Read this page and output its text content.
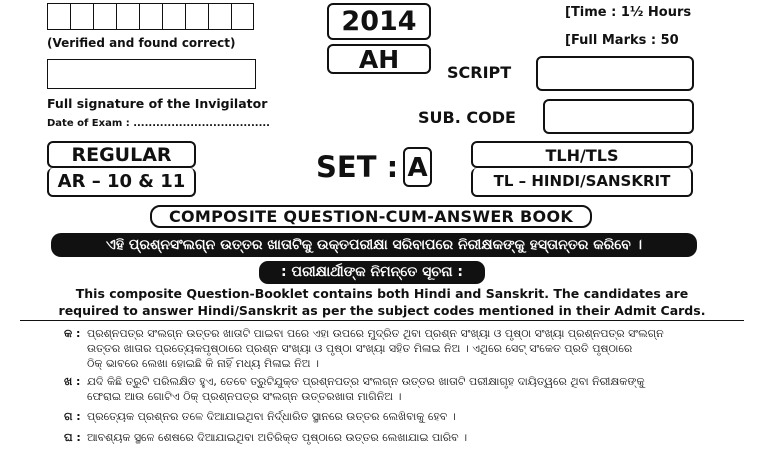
(Verified and found correct)
Full signature of the Invigilator
Date of Exam : ....................................
2014
AH
[Time : 1½ Hours
[Full Marks : 50
SCRIPT
SUB. CODE
REGULAR
AR – 10 & 11	SET : A	TLH/TLS
TL – HINDI/SANSKRIT
COMPOSITE QUESTION-CUM-ANSWER BOOK
ଏହି ପ୍ରଶ୍ନସଂଲଗ୍ନ ଉତ୍ତର ଖାତାଟିକୁ ଉକ୍ତପରୀକ୍ଷା ସରିବାପରେ ନିରୀକ୍ଷକଙ୍କୁ ହସ୍ତାନ୍ତର କରିବେ ।
: ପରୀକ୍ଷାର୍ଥୀଙ୍କ ନିମନ୍ତେ ସୂଚନା :
This composite Question-Booklet contains both Hindi and Sanskrit. The candidates are
required to answer Hindi/Sanskrit as per the subject codes mentioned in their Admit Cards.
କ : ପ୍ରଶ୍ନପତ୍ର ସଂଲଗ୍ନ ଉତ୍ତର ଖାତାଟି ପାଇବା ପରେ ଏହା ଉପରେ ମୁଦ୍ରିତ ଥିବା ପ୍ରଶ୍ନ ସଂଖ୍ୟା ଓ ପୃଷ୍ଠା ସଂଖ୍ୟା ପ୍ରଶ୍ନପତ୍ର ସଂଲଗ୍ନ
ଉତ୍ତର ଖାତାର ପ୍ରତ୍ୟେକପୃଷ୍ଠାରେ ପ୍ରଶ୍ନ ସଂଖ୍ୟା ଓ ପୃଷ୍ଠା ସଂଖ୍ୟା ସହିତ ମିଳାଇ ନିଅ । ଏଥିରେ ସେଟ୍ ସଂକେତ ପ୍ରତି ପୃଷ୍ଠାରେ
ଠିକ୍ ଭାବରେ ଲେଖା ହୋଇଛି କି ନାହିଁ ମଧ୍ୟ ମିଳାଇ ନିଅ ।
ଖ : ଯଦି କିଛି ତ୍ରୁଟି ପରିଲକ୍ଷିତ ହୁଏ, ତେବେ ତ୍ରୁଟିଯୁକ୍ତ ପ୍ରଶ୍ନପତ୍ର ସଂଲଗ୍ନ ଉତ୍ତର ଖାତାଟି ପରୀକ୍ଷାଗୃହ ଦାୟିତ୍ୱରେ ଥିବା ନିରୀକ୍ଷକଙ୍କୁ
ଫେରାଇ ଆଉ ଗୋଟିଏ ଠିକ୍ ପ୍ରଶ୍ନପତ୍ର ସଂଲଗ୍ନ ଉତ୍ତରଖାତା ମାଗିନିଅ ।
ଗ : ପ୍ରତ୍ୟେକ ପ୍ରଶ୍ନର ତଳେ ଦିଆଯାଇଥିବା ନିର୍ଦ୍ଧାରିତ ସ୍ଥାନରେ ଉତ୍ତର ଲେଖିବାକୁ ହେବ ।
ଘ : ଆବଶ୍ୟକ ସ୍ଥଳେ ଶେଷରେ ଦିଆଯାଇଥିବା ଅତିରିକ୍ତ ପୃଷ୍ଠାରେ ଉତ୍ତର ଲେଖାଯାଇ ପାରିବ ।
